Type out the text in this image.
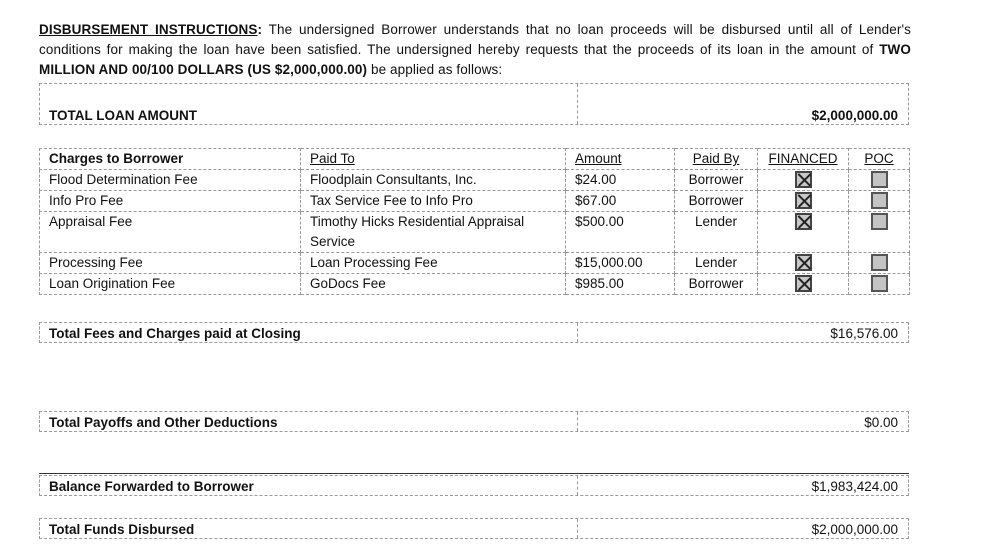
DISBURSEMENT INSTRUCTIONS: The undersigned Borrower understands that no loan proceeds will be disbursed until all of Lender's conditions for making the loan have been satisfied. The undersigned hereby requests that the proceeds of its loan in the amount of TWO MILLION AND 00/100 DOLLARS (US $2,000,000.00) be applied as follows:
TOTAL LOAN AMOUNT	$2,000,000.00
Charges to Borrower	Paid To	Amount	Paid By	FINANCED	POC
Flood Determination Fee	Floodplain Consultants, Inc.	$24.00	Borrower		
Info Pro Fee	Tax Service Fee to Info Pro	$67.00	Borrower		
Appraisal Fee	Timothy Hicks Residential Appraisal Service	$500.00	Lender		
Processing Fee	Loan Processing Fee	$15,000.00	Lender		
Loan Origination Fee	GoDocs Fee	$985.00	Borrower		
Total Fees and Charges paid at Closing	$16,576.00
Total Payoffs and Other Deductions	$0.00
Balance Forwarded to Borrower	$1,983,424.00
Total Funds Disbursed	$2,000,000.00
